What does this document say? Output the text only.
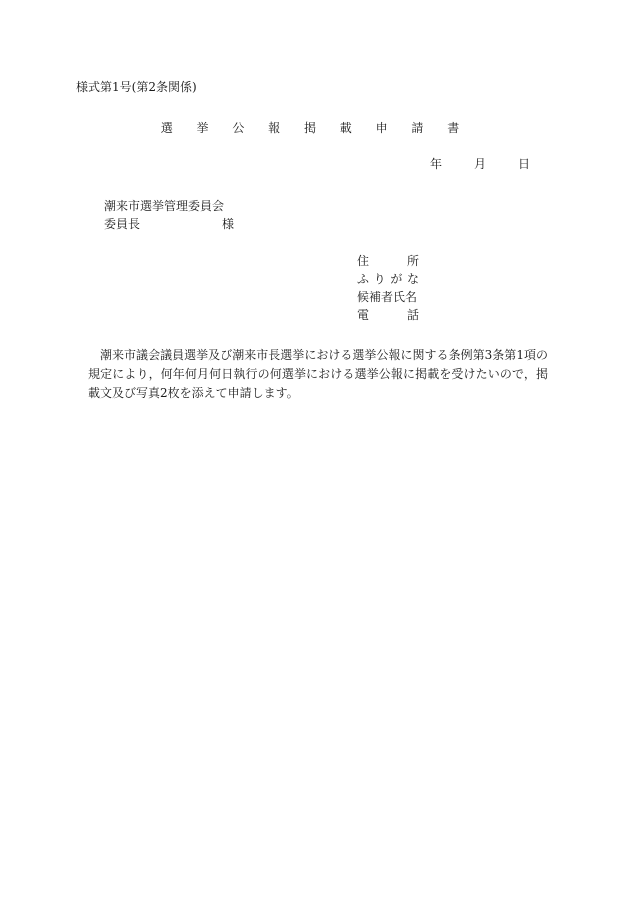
様式第1号(第2条関係)
選 挙 公 報 掲 載 申 請 書
年	月	日
潮来市選挙管理委員会
委員長	様
住	所
ふ り が な
候補者氏名
電	話
潮来市議会議員選挙及び潮来市長選挙における選挙公報に関する条例第3条第1項の規定により，何年何月何日執行の何選挙における選挙公報に掲載を受けたいので，掲載文及び写真2枚を添えて申請します。
